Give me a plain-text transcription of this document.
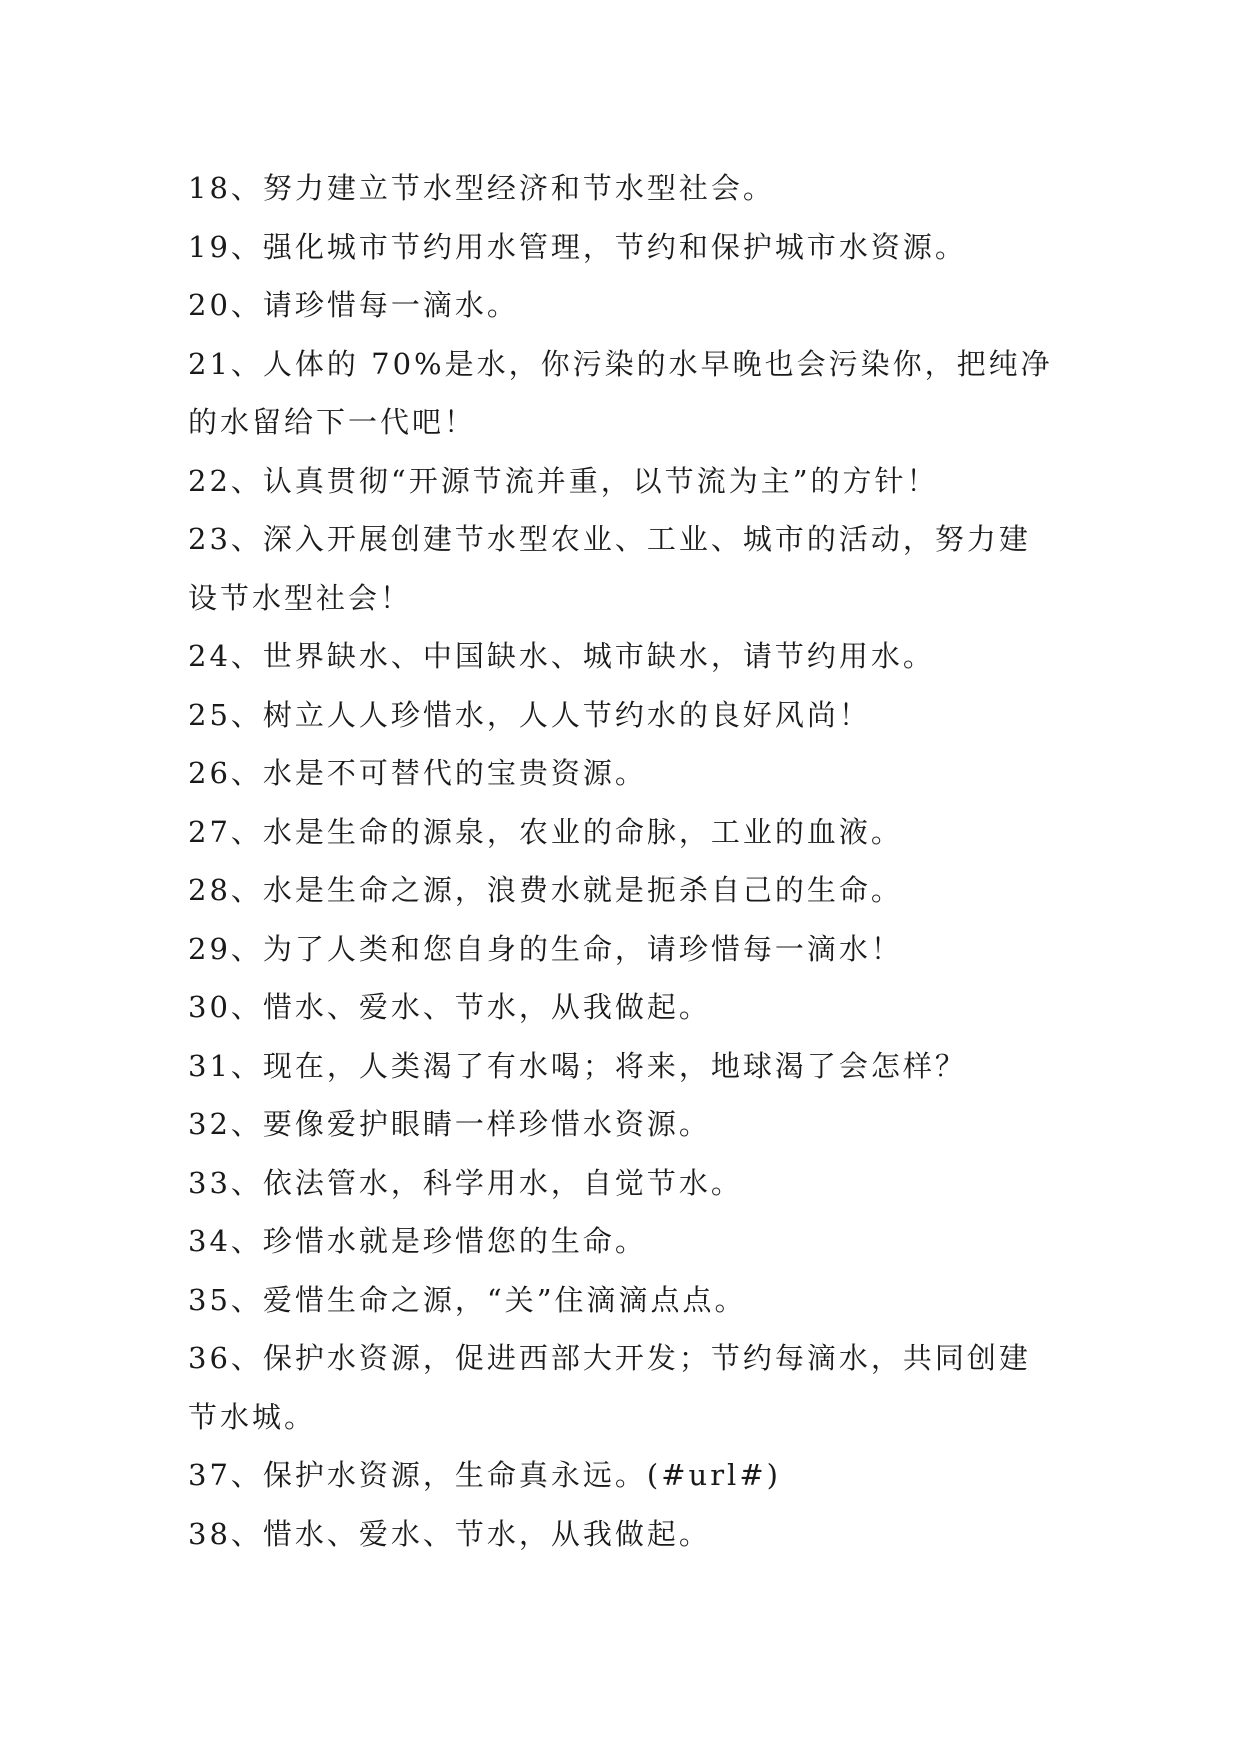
18、努力建立节水型经济和节水型社会。

19、强化城市节约用水管理，节约和保护城市水资源。

20、请珍惜每一滴水。

21、人体的 70%是水，你污染的水早晚也会污染你，把纯净的水留给下一代吧！

22、认真贯彻“开源节流并重，以节流为主”的方针！

23、深入开展创建节水型农业、工业、城市的活动，努力建设节水型社会！

24、世界缺水、中国缺水、城市缺水，请节约用水。

25、树立人人珍惜水，人人节约水的良好风尚！

26、水是不可替代的宝贵资源。

27、水是生命的源泉，农业的命脉，工业的血液。

28、水是生命之源，浪费水就是扼杀自己的生命。

29、为了人类和您自身的生命，请珍惜每一滴水！

30、惜水、爱水、节水，从我做起。

31、现在，人类渴了有水喝；将来，地球渴了会怎样？

32、要像爱护眼睛一样珍惜水资源。

33、依法管水，科学用水，自觉节水。

34、珍惜水就是珍惜您的生命。

35、爱惜生命之源，“关”住滴滴点点。

36、保护水资源，促进西部大开发；节约每滴水，共同创建节水城。

37、保护水资源，生命真永远。(#url#)

38、惜水、爱水、节水，从我做起。
